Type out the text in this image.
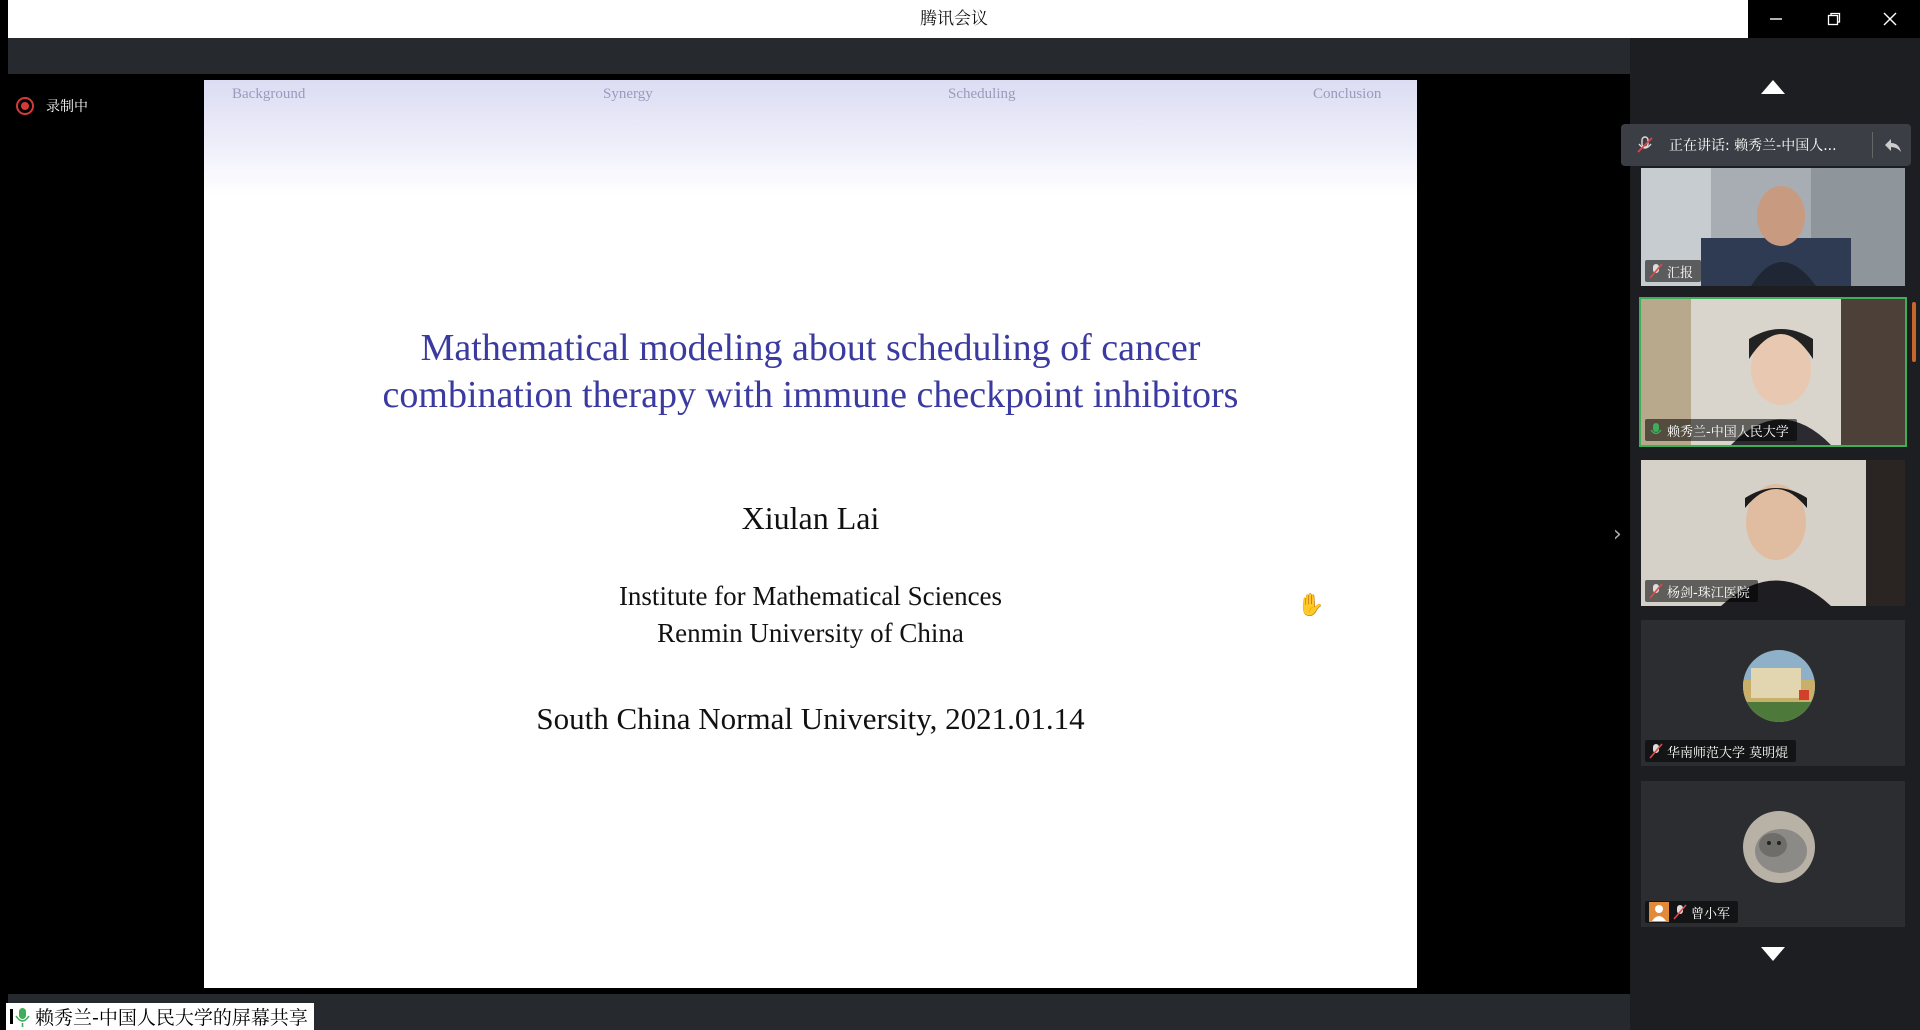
腾讯会议
录制中
Background	Synergy	Scheduling	Conclusion
Mathematical modeling about scheduling of cancer
combination therapy with immune checkpoint inhibitors
Xiulan Lai
Institute for Mathematical Sciences
Renmin University of China
South China Normal University, 2021.01.14
✋
›
正在讲话: 赖秀兰-中国人...
汇报
赖秀兰-中国人民大学
杨剑-珠江医院
华南师范大学 莫明焜
曾小军
赖秀兰-中国人民大学的屏幕共享
